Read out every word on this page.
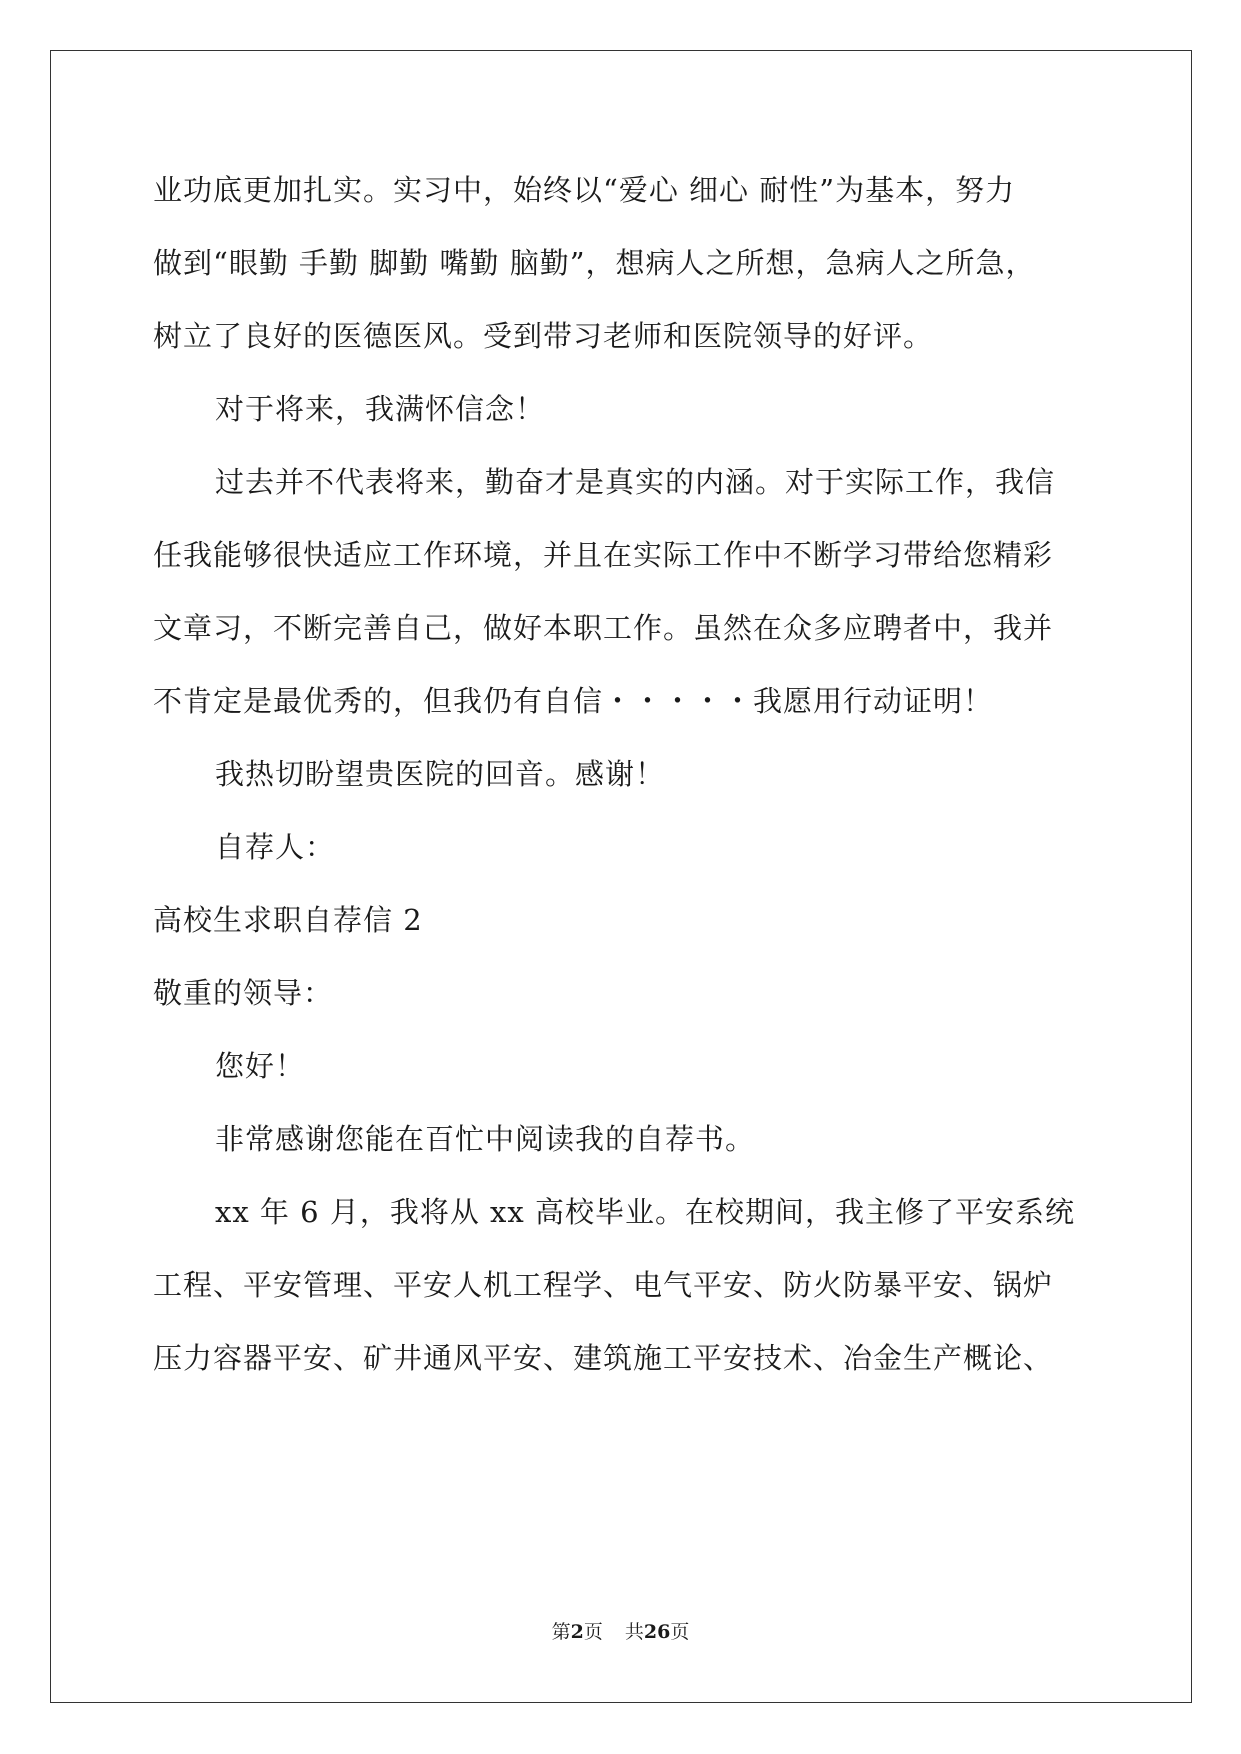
业功底更加扎实。实习中，始终以“爱心 细心 耐性”为基本，努力
做到“眼勤 手勤 脚勤 嘴勤 脑勤”，想病人之所想，急病人之所急，
树立了良好的医德医风。受到带习老师和医院领导的好评。
对于将来，我满怀信念！
过去并不代表将来，勤奋才是真实的内涵。对于实际工作，我信
任我能够很快适应工作环境，并且在实际工作中不断学习带给您精彩
文章习，不断完善自己，做好本职工作。虽然在众多应聘者中，我并
不肯定是最优秀的，但我仍有自信・・・・・我愿用行动证明！
我热切盼望贵医院的回音。感谢！
自荐人：
高校生求职自荐信 2
敬重的领导：
您好！
非常感谢您能在百忙中阅读我的自荐书。
xx 年 6 月，我将从 xx 高校毕业。在校期间，我主修了平安系统
工程、平安管理、平安人机工程学、电气平安、防火防暴平安、锅炉
压力容器平安、矿井通风平安、建筑施工平安技术、冶金生产概论、
第2页 共26页
